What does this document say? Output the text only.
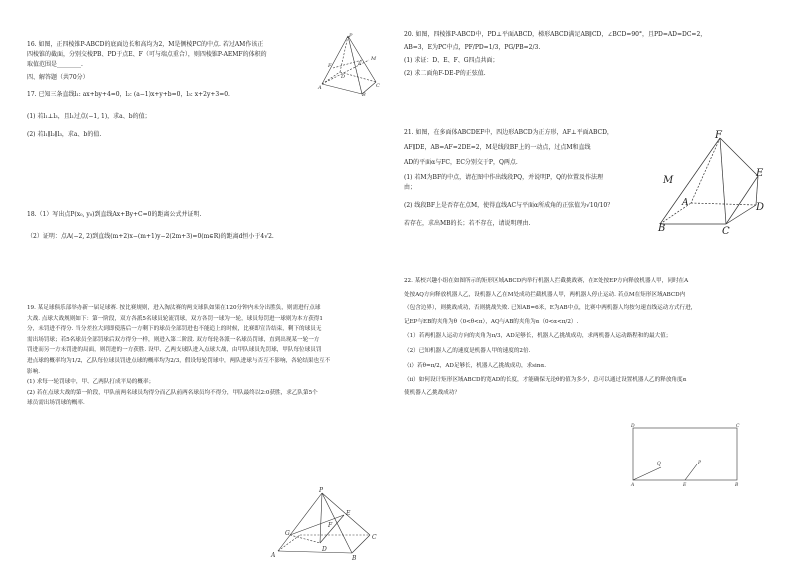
16. 如图，正四棱锥P-ABCD的底面边长和高均为2，M是侧棱PC的中点. 若过AM作该正

四棱锥的截面，分别交棱PB、PD于点E、F（可与端点重合），则四棱锥P-AEMF的体积的

取值范围是________.

四、解答题（共70分）
P
F
M
D
C
A
B
E

17. 已知三条直线l₁: ax+by+4=0，l₂: (a−1)x+y+b=0，l₃: x+2y+3=0.

(1) 若l₁⊥l₃，且l₁过点(−1, 1)，求a、b的值；

(2) 若l₁∥l₂∥l₃，求a、b的值.

18.（1）写出点P(x₀, y₀)到直线Ax+By+C=0的距离公式并证明.

（2）证明：点A(−2, 2)到直线(m+2)x−(m+1)y−2(2m+3)=0(m∈R)的距离d恒小于4√2.

19. 某足球俱乐部举办新一届足球赛. 按比赛规则，进入淘汰赛的两支球队如果在120分钟内未分出胜负，则需进行点球

大战. 点球大战规则如下：第一阶段，双方各派5名球员轮流罚球，双方各罚一球为一轮，球员每罚进一球则为本方获得1

分，未罚进不得分. 当分差拉大到即使落后一方剩下的球员全部罚进也不能追上的时候，比赛即宣告结束，剩下的球员无

需出场罚球；若5名球员全部罚球后双方得分一样，则进入第二阶段. 双方每轮各派一名球员罚球，直到出现某一轮一方

罚进而另一方未罚进的局面，则罚进的一方获胜. 设甲、乙两支球队进入点球大战，由甲队球员先罚球，甲队每位球员罚

进点球的概率均为1/2，乙队每位球员罚进点球的概率均为2/3，假设每轮罚球中，两队进球与否互不影响，各轮结果也互不

影响.

(1) 求每一轮罚球中，甲、乙两队打成平局的概率；

(2) 若在点球大战的第一阶段，甲队前两名球员均得分而乙队前两名球员均不得分，甲队最终以2:0获胜，求乙队第5个

球员需出场罚球的概率.

P
E
F
G
D
C
A	B

20. 如图，四棱锥P-ABCD中，PD⊥平面ABCD，梯形ABCD满足AB∥CD，∠BCD=90°，且PD=AD=DC=2，

AB=3，E为PC中点，PF/PD=1/3，PG/PB=2/3.

(1) 求证：D、E、F、G四点共面；

(2) 求二面角F-DE-P的正弦值.

21. 如图，在多面体ABCDEF中，四边形ABCD为正方形，AF⊥平面ABCD，

AF∥DE，AB=AF=2DE=2，M是线段BF上的一动点，过点M和直线

AD的平面α与FC，EC分别交于P，Q两点.

(1) 若M为BF的中点，请在图中作出线段PQ，并说明P，Q的位置及作法理

由；

(2) 线段BF上是否存在点M，使得直线AC与平面α所成角的正弦值为√10/10？

若存在，求出MB的长；若不存在，请说明理由.

F
M
E
A	D
B	C

22. 某校兴趣小组在如图所示的矩形区域ABCD内举行机器人拦截挑战赛，在E处按EP方向释放机器人甲，同时在A

处按AQ方向释放机器人乙，设机器人乙在M处成功拦截机器人甲，两机器人停止运动. 若点M在矩形区域ABCD内

（包含边界），则挑战成功，否则挑战失败. 已知AB=6米，E为AB中点，比赛中两机器人均按匀速直线运动方式行进，

记EP与EB的夹角为θ（0<θ<π），AQ与AB的夹角为α（0<α<π/2）.

（1）若两机器人运动方向的夹角为π/3，AD足够长，机器人乙挑战成功，求两机器人运动路程和的最大值；

（2）已知机器人乙的速度是机器人甲的速度的2倍.

（i）若θ=π/2，AD足够长，机器人乙挑战成功，求sinα.

（ii）如何设计矩形区域ABCD的宽AD的长度，才能确保无论θ的值为多少，总可以通过设置机器人乙的释放角度α

使机器人乙挑战成功？

D	C
A	E	B
Q	P
